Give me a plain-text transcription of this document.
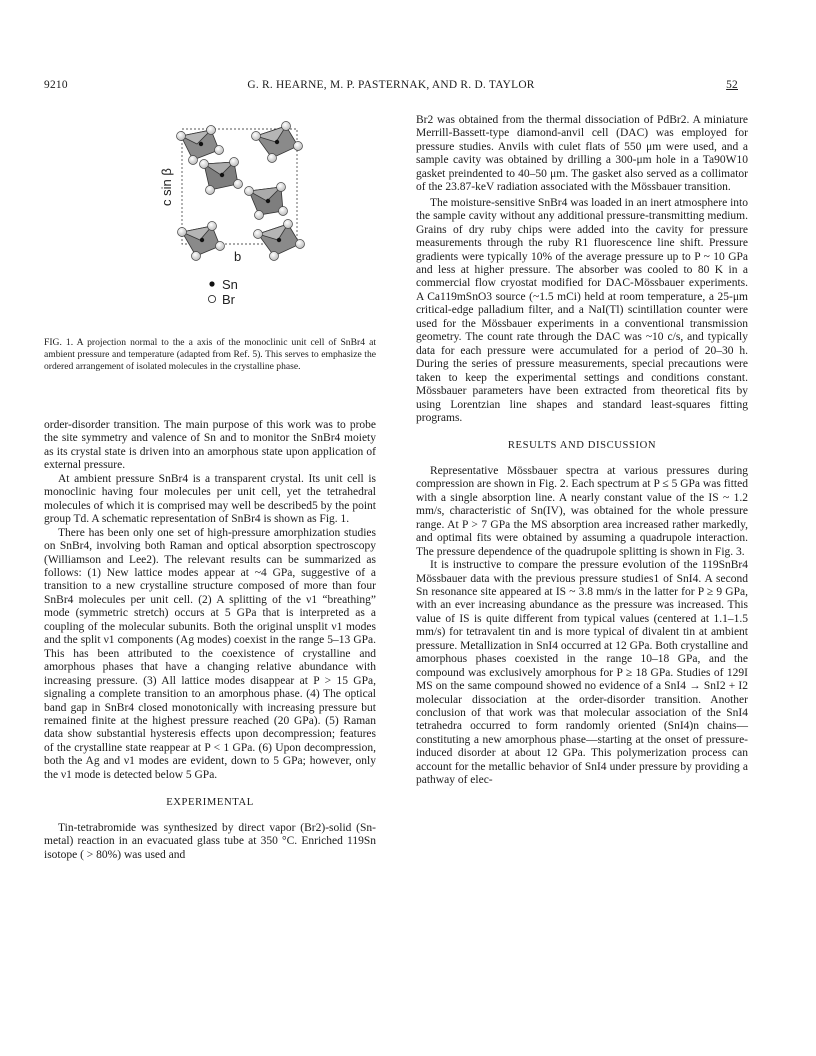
9210	G. R. HEARNE, M. P. PASTERNAK, AND R. D. TAYLOR	52
c sin β
b
Sn
Br

FIG. 1. A projection normal to the a axis of the monoclinic unit cell of SnBr4 at ambient pressure and temperature (adapted from Ref. 5). This serves to emphasize the ordered arrangement of isolated molecules in the crystalline phase.

order-disorder transition. The main purpose of this work was to probe the site symmetry and valence of Sn and to monitor the SnBr4 moiety as its crystal state is driven into an amorphous state upon application of external pressure.

At ambient pressure SnBr4 is a transparent crystal. Its unit cell is monoclinic having four molecules per unit cell, yet the tetrahedral molecules of which it is comprised may well be described5 by the point group Td. A schematic representation of SnBr4 is shown as Fig. 1.

There has been only one set of high-pressure amorphization studies on SnBr4, involving both Raman and optical absorption spectroscopy (Williamson and Lee2). The relevant results can be summarized as follows: (1) New lattice modes appear at ~4 GPa, suggestive of a transition to a new crystalline structure composed of more than four SnBr4 molecules per unit cell. (2) A splitting of the ν1 “breathing” mode (symmetric stretch) occurs at 5 GPa that is interpreted as a coupling of the molecular subunits. Both the original unsplit ν1 modes and the split ν1 components (Ag modes) coexist in the range 5–13 GPa. This has been attributed to the coexistence of crystalline and amorphous phases that have a changing relative abundance with increasing pressure. (3) All lattice modes disappear at P > 15 GPa, signaling a complete transition to an amorphous phase. (4) The optical band gap in SnBr4 closed monotonically with increasing pressure but remained finite at the highest pressure reached (20 GPa). (5) Raman data show substantial hysteresis effects upon decompression; features of the crystalline state reappear at P < 1 GPa. (6) Upon decompression, both the Ag and ν1 modes are evident, down to 5 GPa; however, only the ν1 mode is detected below 5 GPa.

EXPERIMENTAL

Tin-tetrabromide was synthesized by direct vapor (Br2)-solid (Sn-metal) reaction in an evacuated glass tube at 350 °C. Enriched 119Sn isotope ( > 80%) was used and

Br2 was obtained from the thermal dissociation of PdBr2. A miniature Merrill-Bassett-type diamond-anvil cell (DAC) was employed for pressure studies. Anvils with culet flats of 550 μm were used, and a sample cavity was obtained by drilling a 300-μm hole in a Ta90W10 gasket preindented to 40–50 μm. The gasket also served as a collimator of the 23.87-keV radiation associated with the Mössbauer transition.

The moisture-sensitive SnBr4 was loaded in an inert atmosphere into the sample cavity without any additional pressure-transmitting medium. Grains of dry ruby chips were added into the cavity for pressure measurements through the ruby R1 fluorescence line shift. Pressure gradients were typically 10% of the average pressure up to P ~ 10 GPa and less at higher pressure. The absorber was cooled to 80 K in a commercial flow cryostat modified for DAC-Mössbauer experiments. A Ca119mSnO3 source (~1.5 mCi) held at room temperature, a 25-μm critical-edge palladium filter, and a NaI(Tl) scintillation counter were used for the Mössbauer experiments in a conventional transmission geometry. The count rate through the DAC was ~10 c/s, and typically data for each pressure were accumulated for a period of 20–30 h. During the series of pressure measurements, special precautions were taken to keep the experimental settings and conditions constant. Mössbauer parameters have been extracted from theoretical fits by using Lorentzian line shapes and standard least-squares fitting programs.

RESULTS AND DISCUSSION

Representative Mössbauer spectra at various pressures during compression are shown in Fig. 2. Each spectrum at P ≤ 5 GPa was fitted with a single absorption line. A nearly constant value of the IS ~ 1.2 mm/s, characteristic of Sn(IV), was obtained for the whole pressure range. At P > 7 GPa the MS absorption area increased rather markedly, and optimal fits were obtained by assuming a quadrupole interaction. The pressure dependence of the quadrupole splitting is shown in Fig. 3.

It is instructive to compare the pressure evolution of the 119SnBr4 Mössbauer data with the previous pressure studies1 of SnI4. A second Sn resonance site appeared at IS ~ 3.8 mm/s in the latter for P ≥ 9 GPa, with an ever increasing abundance as the pressure was increased. This value of IS is quite different from typical values (centered at 1.1–1.5 mm/s) for tetravalent tin and is more typical of divalent tin at ambient pressure. Metallization in SnI4 occurred at 12 GPa. Both crystalline and amorphous phases coexisted in the range 10–18 GPa, and the compound was exclusively amorphous for P ≥ 18 GPa. Studies of 129I MS on the same compound showed no evidence of a SnI4 → SnI2 + I2 molecular dissociation at the order-disorder transition. Another conclusion of that work was that molecular association of the SnI4 tetrahedra occurred to form randomly oriented (SnI4)n chains—constituting a new amorphous phase—starting at the onset of pressure-induced disorder at about 12 GPa. This polymerization process can account for the metallic behavior of SnI4 under pressure by providing a pathway of elec-
